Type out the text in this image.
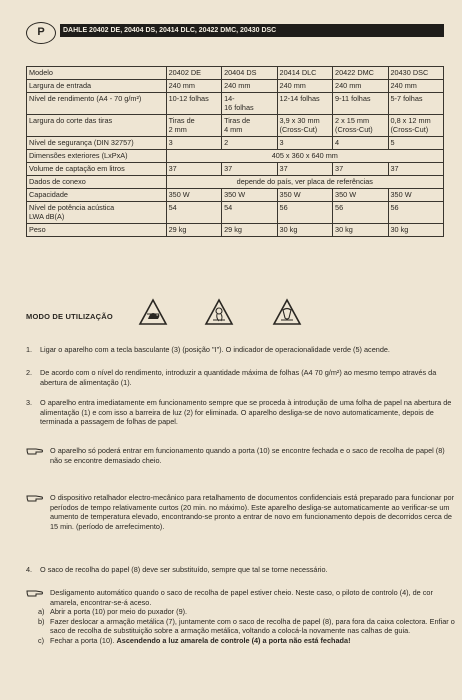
P	DAHLE 20402 DE, 20404 DS, 20414 DLC, 20422 DMC, 20430 DSC
Modelo	20402 DE	20404 DS	20414 DLC	20422 DMC	20430 DSC
Largura de entrada	240 mm	240 mm	240 mm	240 mm	240 mm
Nível de rendimento (A4 - 70 g/m²)	10-12 folhas	14-
16 folhas	12-14 folhas	9-11 folhas	5-7 folhas
Largura do corte das tiras	Tiras de
2 mm	Tiras de
4 mm	3,9 x 30 mm
(Cross-Cut)	2 x 15 mm
(Cross-Cut)	0,8 x 12 mm
(Cross-Cut)
Nível de segurança (DIN 32757)	3	2	3	4	5
Dimensões exteriores (LxPxA)	405 x 360 x 640 mm				
Volume de captação em litros	37	37	37	37	37
Dados de conexo	depende do país, ver placa de referências				
Capacidade	350 W	350 W	350 W	350 W	350 W
Nível de potência acústica
LWA dB(A)	54	54	56	56	56
Peso	29 kg	29 kg	30 kg	30 kg	30 kg
MODO DE UTILIZAÇÃO
1.	Ligar o aparelho com a tecla basculante (3) (posição "I"). O indicador de operacionalidade verde (5) acende.
2.	De acordo com o nível do rendimento, introduzir a quantidade máxima de folhas (A4 70 g/m²) ao mesmo tempo através da abertura de alimentação (1).
3.	O aparelho entra imediatamente em funcionamento sempre que se proceda à introdução de uma folha de papel na abertura de alimentação (1) e com isso a barreira de luz (2) for eliminada. O aparelho desliga-se de novo automaticamente, depois de terminada a passagem de folhas de papel.
O aparelho só poderá entrar em funcionamento quando a porta (10) se encontre fechada e o saco de recolha de papel (8) não se encontre demasiado cheio.
O dispositivo retalhador electro-mecânico para retalhamento de documentos confidenciais está preparado para funcionar por períodos de tempo relativamente curtos (20 min. no máximo). Este aparelho desliga-se automaticamente ao verificar-se um aumento de temperatura elevado, encontrando-se pronto a entrar de novo em funcionamento depois de decorridos cerca de 15 min. (período de arrefecimento).
4.	O saco de recolha do papel (8) deve ser substituído, sempre que tal se torne necessário.
Desligamento automático quando o saco de recolha de papel estiver cheio. Neste caso, o piloto de controlo (4), de cor amarela, encontrar-se-á aceso.
a) Abrir a porta (10) por meio do puxador (9).
b) Fazer deslocar a armação metálica (7), juntamente com o saco de recolha de papel (8), para fora da caixa colectora. Enfiar o saco de recolha de substituição sobre a armação metálica, voltando a colocá-la novamente nas calhas de guia.
c) Fechar a porta (10). Ascendendo a luz amarela de controle (4) a porta não está fechada!
